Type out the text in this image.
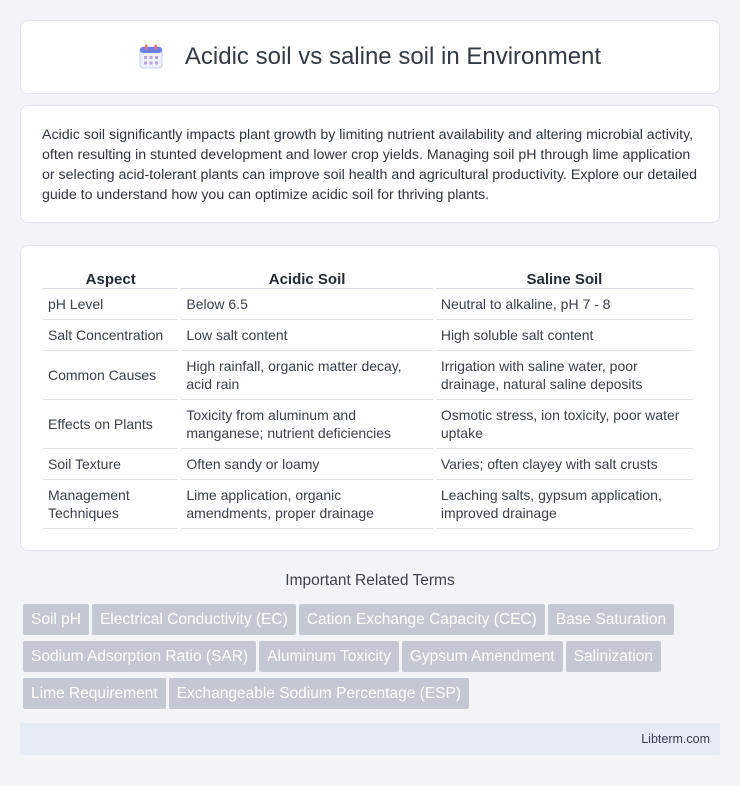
Acidic soil vs saline soil in Environment

Acidic soil significantly impacts plant growth by limiting nutrient availability and altering microbial activity, often resulting in stunted development and lower crop yields. Managing soil pH through lime application or selecting acid-tolerant plants can improve soil health and agricultural productivity. Explore our detailed guide to understand how you can optimize acidic soil for thriving plants.

Aspect	Acidic Soil	Saline Soil
pH Level	Below 6.5	Neutral to alkaline, pH 7 - 8
Salt Concentration	Low salt content	High soluble salt content
Common Causes	High rainfall, organic matter decay, acid rain	Irrigation with saline water, poor drainage, natural saline deposits
Effects on Plants	Toxicity from aluminum and manganese; nutrient deficiencies	Osmotic stress, ion toxicity, poor water uptake
Soil Texture	Often sandy or loamy	Varies; often clayey with salt crusts
Management Techniques	Lime application, organic amendments, proper drainage	Leaching salts, gypsum application, improved drainage
Important Related Terms
Soil pH Electrical Conductivity (EC) Cation Exchange Capacity (CEC) Base Saturation
Sodium Adsorption Ratio (SAR) Aluminum Toxicity Gypsum Amendment Salinization
Lime Requirement Exchangeable Sodium Percentage (ESP)
Libterm.com
